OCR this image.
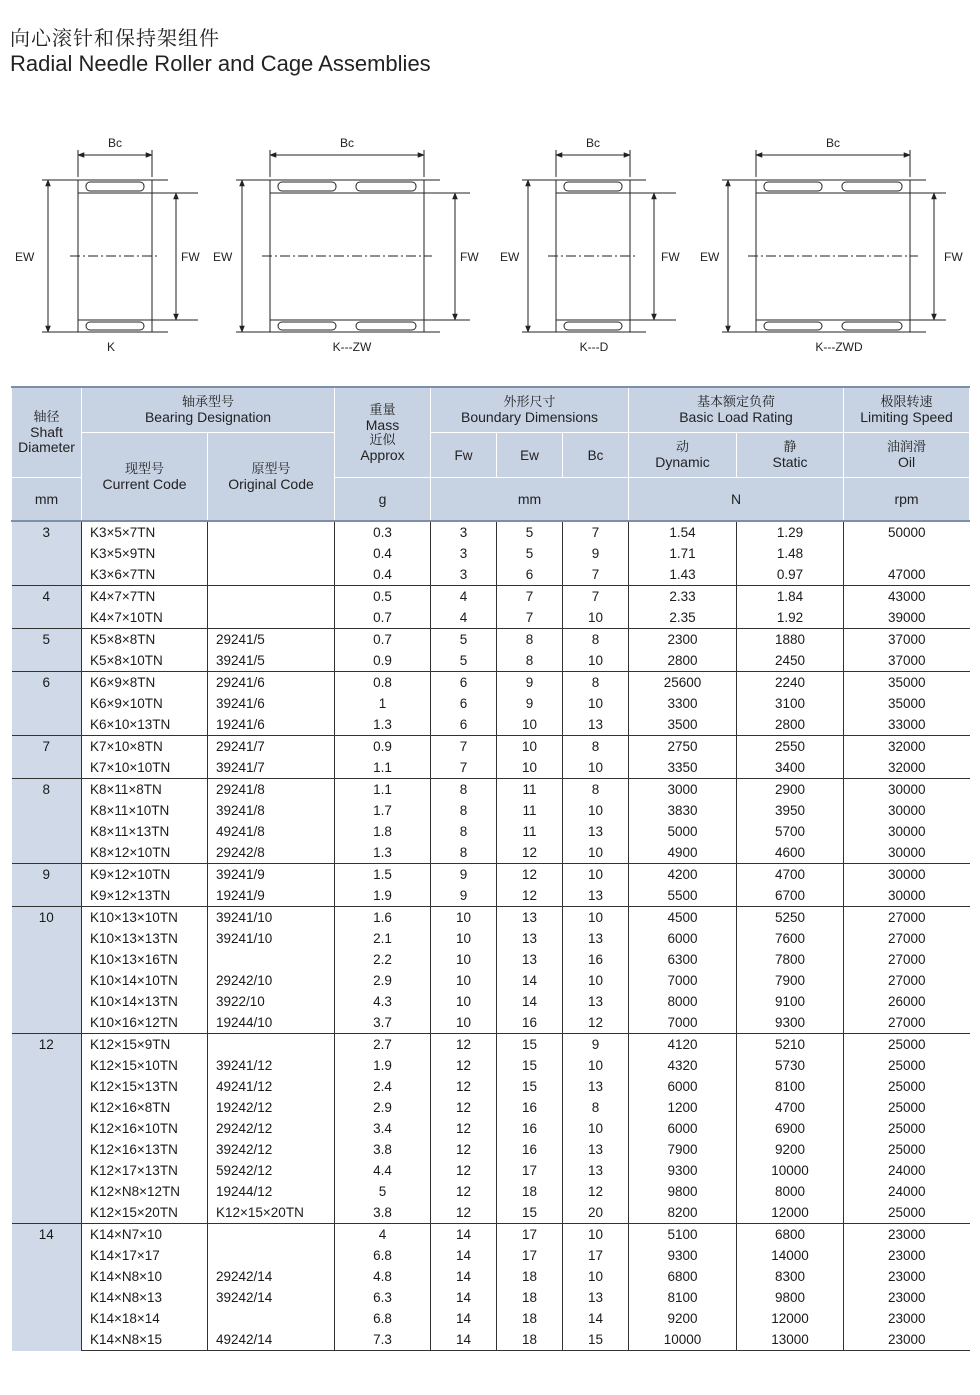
向心滚针和保持架组件
Radial Needle Roller and Cage Assemblies
Bc	Bc	Bc	Bc
EW	EW	EW	EW
FW	FW	FW	FW
K	K---ZW	K---D	K---ZWD
轴径
Shaft
Diameter	轴承型号
Bearing Designation		重量
Mass
近似
Approx	外形尺寸
Boundary Dimensions			基本额定负荷
Basic Load Rating		极限转速
Limiting Speed

	现型号
Current Code	原型号
Original Code		Fw	Ew	Bc	动
Dynamic	静
Static	油润滑
Oil

mm			g	mm			N		rpm
3	K3×5×7TN		0.3	3	5	7	1.54	1.29	50000
	K3×5×9TN		0.4	3	5	9	1.71	1.48	
	K3×6×7TN		0.4	3	6	7	1.43	0.97	47000
4	K4×7×7TN		0.5	4	7	7	2.33	1.84	43000
	K4×7×10TN		0.7	4	7	10	2.35	1.92	39000
5	K5×8×8TN	29241/5	0.7	5	8	8	2300	1880	37000
	K5×8×10TN	39241/5	0.9	5	8	10	2800	2450	37000
6	K6×9×8TN	29241/6	0.8	6	9	8	25600	2240	35000
	K6×9×10TN	39241/6	1	6	9	10	3300	3100	35000
	K6×10×13TN	19241/6	1.3	6	10	13	3500	2800	33000
7	K7×10×8TN	29241/7	0.9	7	10	8	2750	2550	32000
	K7×10×10TN	39241/7	1.1	7	10	10	3350	3400	32000
8	K8×11×8TN	29241/8	1.1	8	11	8	3000	2900	30000
	K8×11×10TN	39241/8	1.7	8	11	10	3830	3950	30000
	K8×11×13TN	49241/8	1.8	8	11	13	5000	5700	30000
	K8×12×10TN	29242/8	1.3	8	12	10	4900	4600	30000
9	K9×12×10TN	39241/9	1.5	9	12	10	4200	4700	30000
	K9×12×13TN	19241/9	1.9	9	12	13	5500	6700	30000
10	K10×13×10TN	39241/10	1.6	10	13	10	4500	5250	27000
	K10×13×13TN	39241/10	2.1	10	13	13	6000	7600	27000
	K10×13×16TN		2.2	10	13	16	6300	7800	27000
	K10×14×10TN	29242/10	2.9	10	14	10	7000	7900	27000
	K10×14×13TN	3922/10	4.3	10	14	13	8000	9100	26000
	K10×16×12TN	19244/10	3.7	10	16	12	7000	9300	27000
12	K12×15×9TN		2.7	12	15	9	4120	5210	25000
	K12×15×10TN	39241/12	1.9	12	15	10	4320	5730	25000
	K12×15×13TN	49241/12	2.4	12	15	13	6000	8100	25000
	K12×16×8TN	19242/12	2.9	12	16	8	1200	4700	25000
	K12×16×10TN	29242/12	3.4	12	16	10	6000	6900	25000
	K12×16×13TN	39242/12	3.8	12	16	13	7900	9200	25000
	K12×17×13TN	59242/12	4.4	12	17	13	9300	10000	24000
	K12×N8×12TN	19244/12	5	12	18	12	9800	8000	24000
	K12×15×20TN	K12×15×20TN	3.8	12	15	20	8200	12000	25000
14	K14×N7×10		4	14	17	10	5100	6800	23000
	K14×17×17		6.8	14	17	17	9300	14000	23000
	K14×N8×10	29242/14	4.8	14	18	10	6800	8300	23000
	K14×N8×13	39242/14	6.3	14	18	13	8100	9800	23000
	K14×18×14		6.8	14	18	14	9200	12000	23000
	K14×N8×15	49242/14	7.3	14	18	15	10000	13000	23000
